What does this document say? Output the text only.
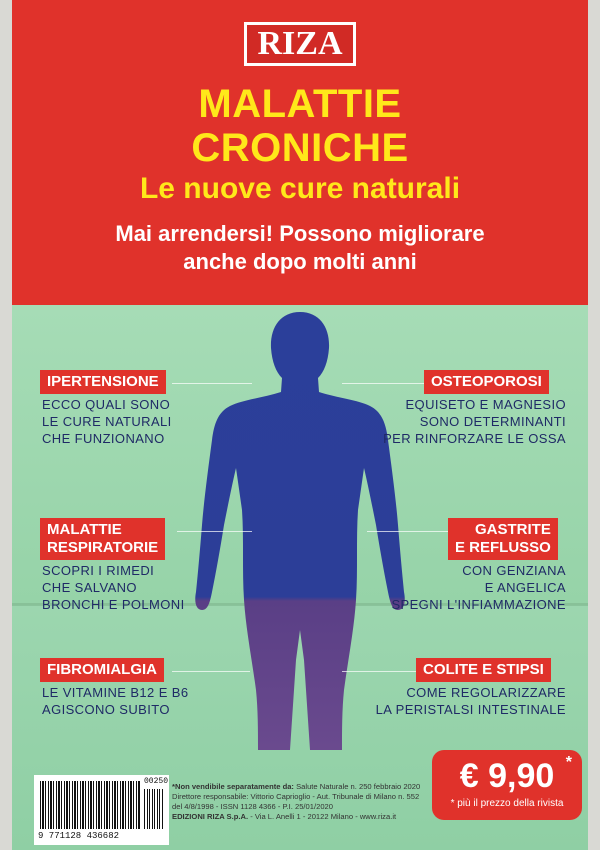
RIZA
MALATTIE
CRONICHE
Le nuove cure naturali
Mai arrendersi! Possono migliorare
anche dopo molti anni
IPERTENSIONE
ECCO QUALI SONO
LE CURE NATURALI
CHE FUNZIONANO
OSTEOPOROSI
EQUISETO E MAGNESIO
SONO DETERMINANTI
PER RINFORZARE LE OSSA
MALATTIE
RESPIRATORIE
SCOPRI I RIMEDI
CHE SALVANO
BRONCHI E POLMONI
GASTRITE
E REFLUSSO
CON GENZIANA
E ANGELICA
SPEGNI L'INFIAMMAZIONE
FIBROMIALGIA
LE VITAMINE B12 E B6
AGISCONO SUBITO
COLITE E STIPSI
COME REGOLARIZZARE
LA PERISTALSI INTESTINALE
00250
9 771128 436682
*Non vendibile separatamente da: Salute Naturale n. 250 febbraio 2020
Direttore responsabile: Vittorio Caprioglio - Aut. Tribunale di Milano n. 552
del 4/8/1998 - ISSN 1128 4366 - P.I. 25/01/2020
EDIZIONI RIZA S.p.A. - Via L. Anelli 1 - 20122 Milano - www.riza.it
€ 9,90 *
* più il prezzo della rivista
